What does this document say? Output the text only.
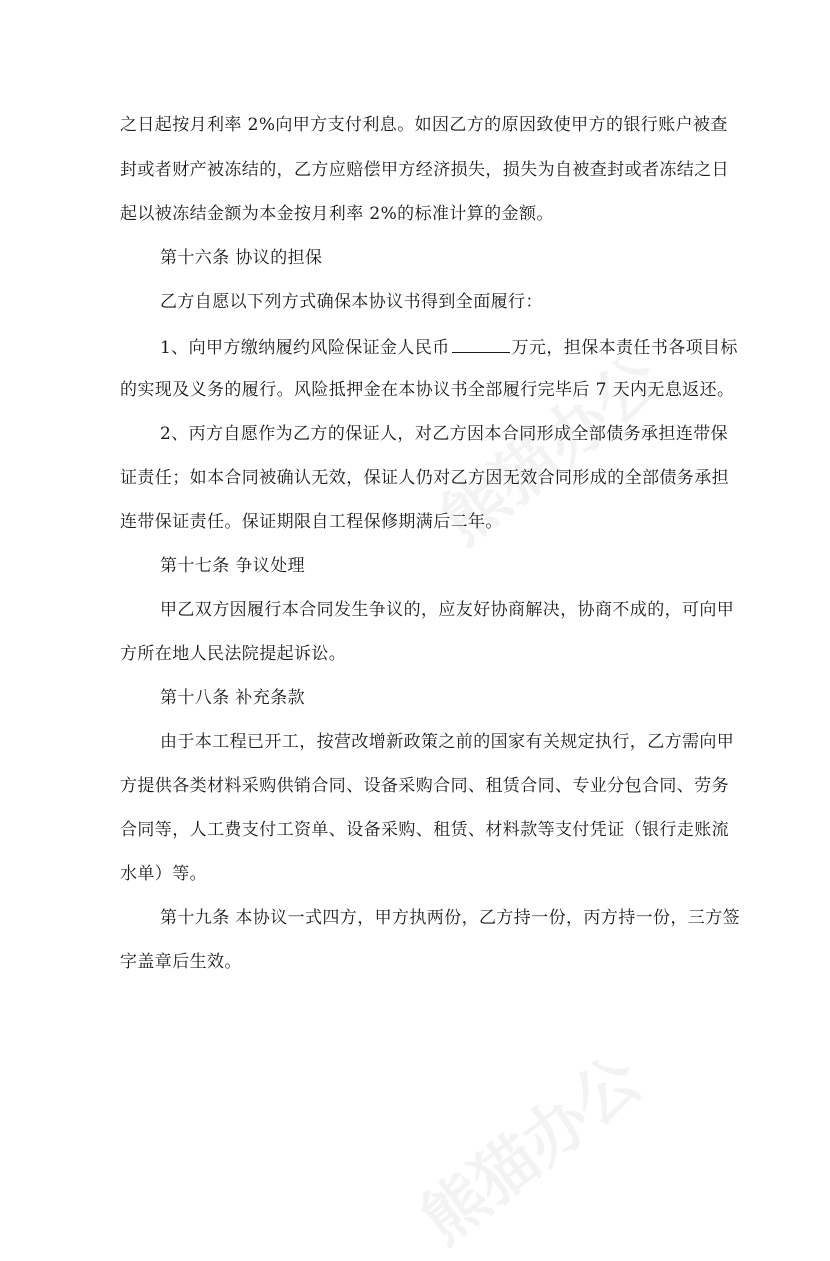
之日起按月利率 2%向甲方支付利息。如因乙方的原因致使甲方的银行账户被查
封或者财产被冻结的，乙方应赔偿甲方经济损失，损失为自被查封或者冻结之日
起以被冻结金额为本金按月利率 2%的标准计算的金额。
第十六条 协议的担保
乙方自愿以下列方式确保本协议书得到全面履行：
1、向甲方缴纳履约风险保证金人民币	万元，担保本责任书各项目标
的实现及义务的履行。风险抵押金在本协议书全部履行完毕后 7 天内无息返还。
2、丙方自愿作为乙方的保证人，对乙方因本合同形成全部债务承担连带保
证责任；如本合同被确认无效，保证人仍对乙方因无效合同形成的全部债务承担
连带保证责任。保证期限自工程保修期满后二年。
第十七条 争议处理
甲乙双方因履行本合同发生争议的，应友好协商解决，协商不成的，可向甲
方所在地人民法院提起诉讼。
第十八条 补充条款
由于本工程已开工，按营改增新政策之前的国家有关规定执行，乙方需向甲
方提供各类材料采购供销合同、设备采购合同、租赁合同、专业分包合同、劳务
合同等，人工费支付工资单、设备采购、租赁、材料款等支付凭证（银行走账流
水单）等。
第十九条 本协议一式四方，甲方执两份，乙方持一份，丙方持一份，三方签
字盖章后生效。
